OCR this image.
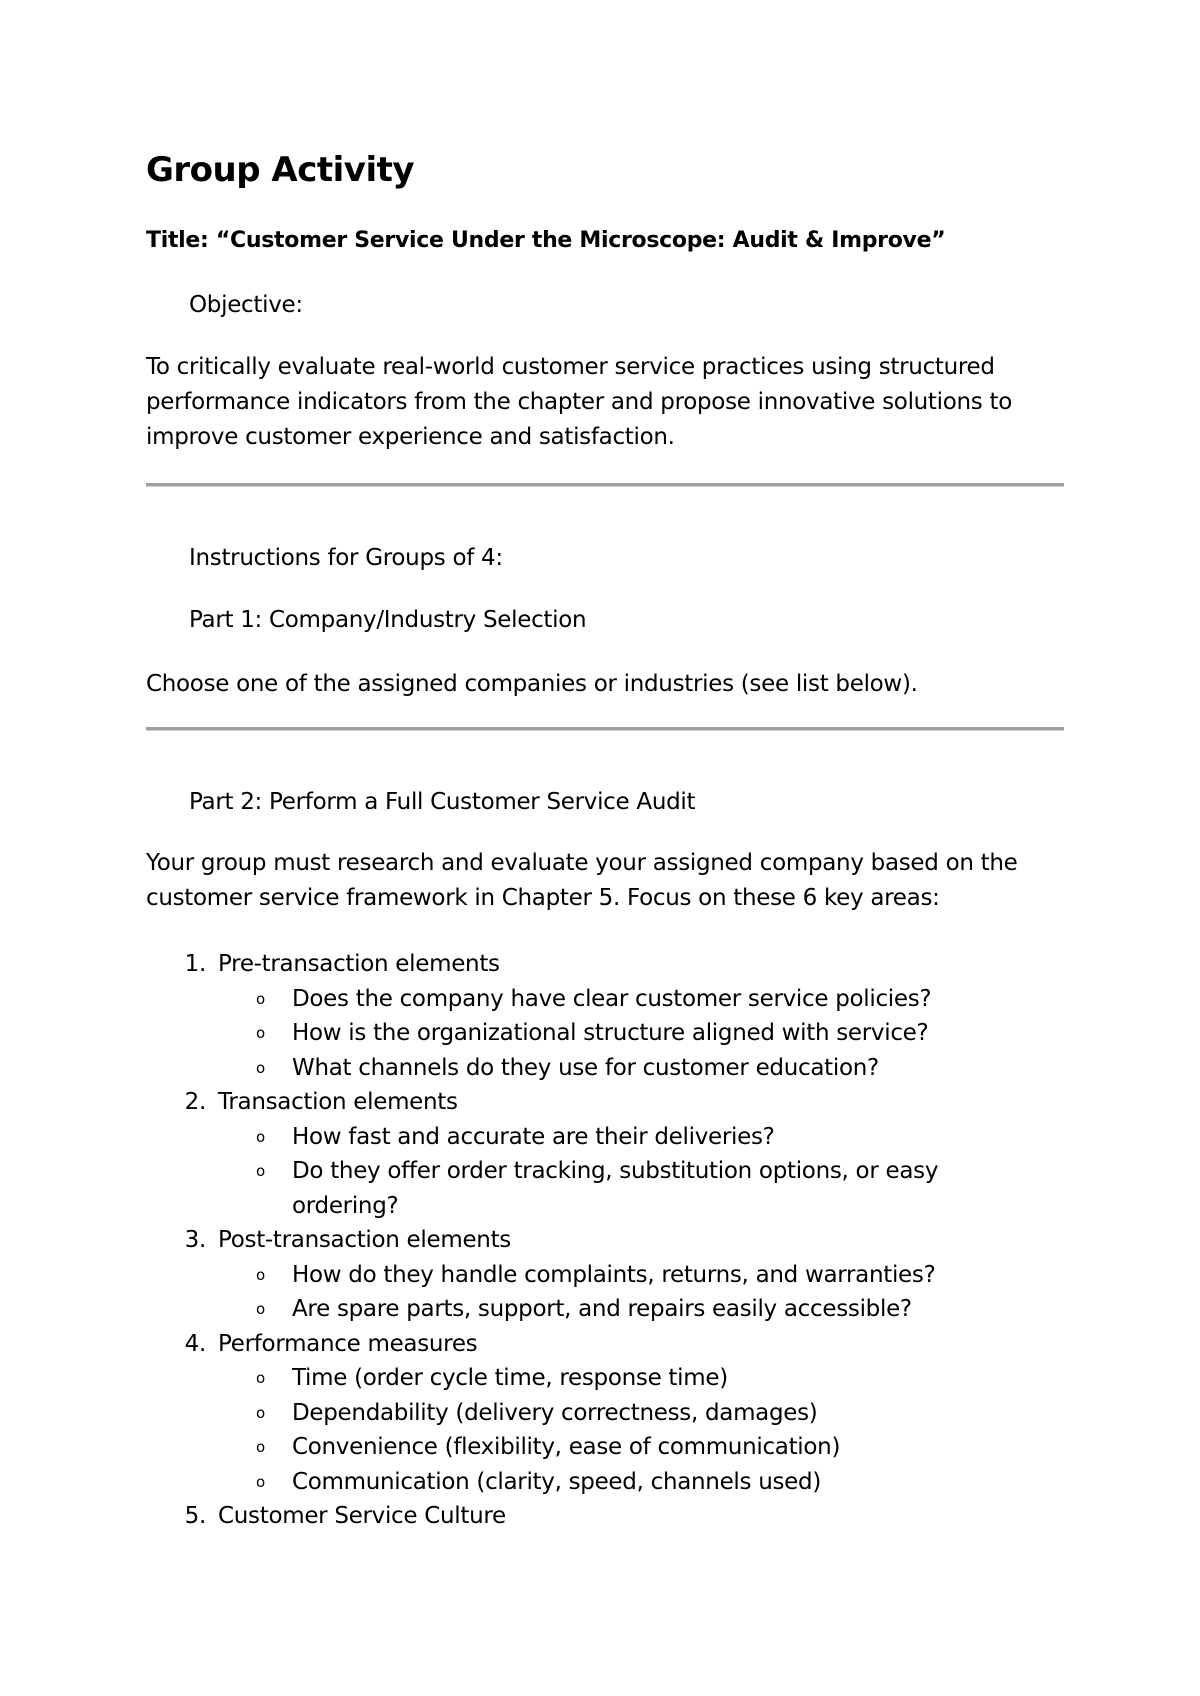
Group Activity
Title: “Customer Service Under the Microscope: Audit & Improve”
Objective:
To critically evaluate real-world customer service practices using structured performance indicators from the chapter and propose innovative solutions to improve customer experience and satisfaction.
Instructions for Groups of 4:
Part 1: Company/Industry Selection
Choose one of the assigned companies or industries (see list below).
Part 2: Perform a Full Customer Service Audit
Your group must research and evaluate your assigned company based on the customer service framework in Chapter 5. Focus on these 6 key areas:
1. Pre-transaction elements
o	Does the company have clear customer service policies?
o	How is the organizational structure aligned with service?
o	What channels do they use for customer education?
2. Transaction elements
o	How fast and accurate are their deliveries?
o	Do they offer order tracking, substitution options, or easy ordering?
3. Post-transaction elements
o	How do they handle complaints, returns, and warranties?
o	Are spare parts, support, and repairs easily accessible?
4. Performance measures
o	Time (order cycle time, response time)
o	Dependability (delivery correctness, damages)
o	Convenience (flexibility, ease of communication)
o	Communication (clarity, speed, channels used)
5. Customer Service Culture
